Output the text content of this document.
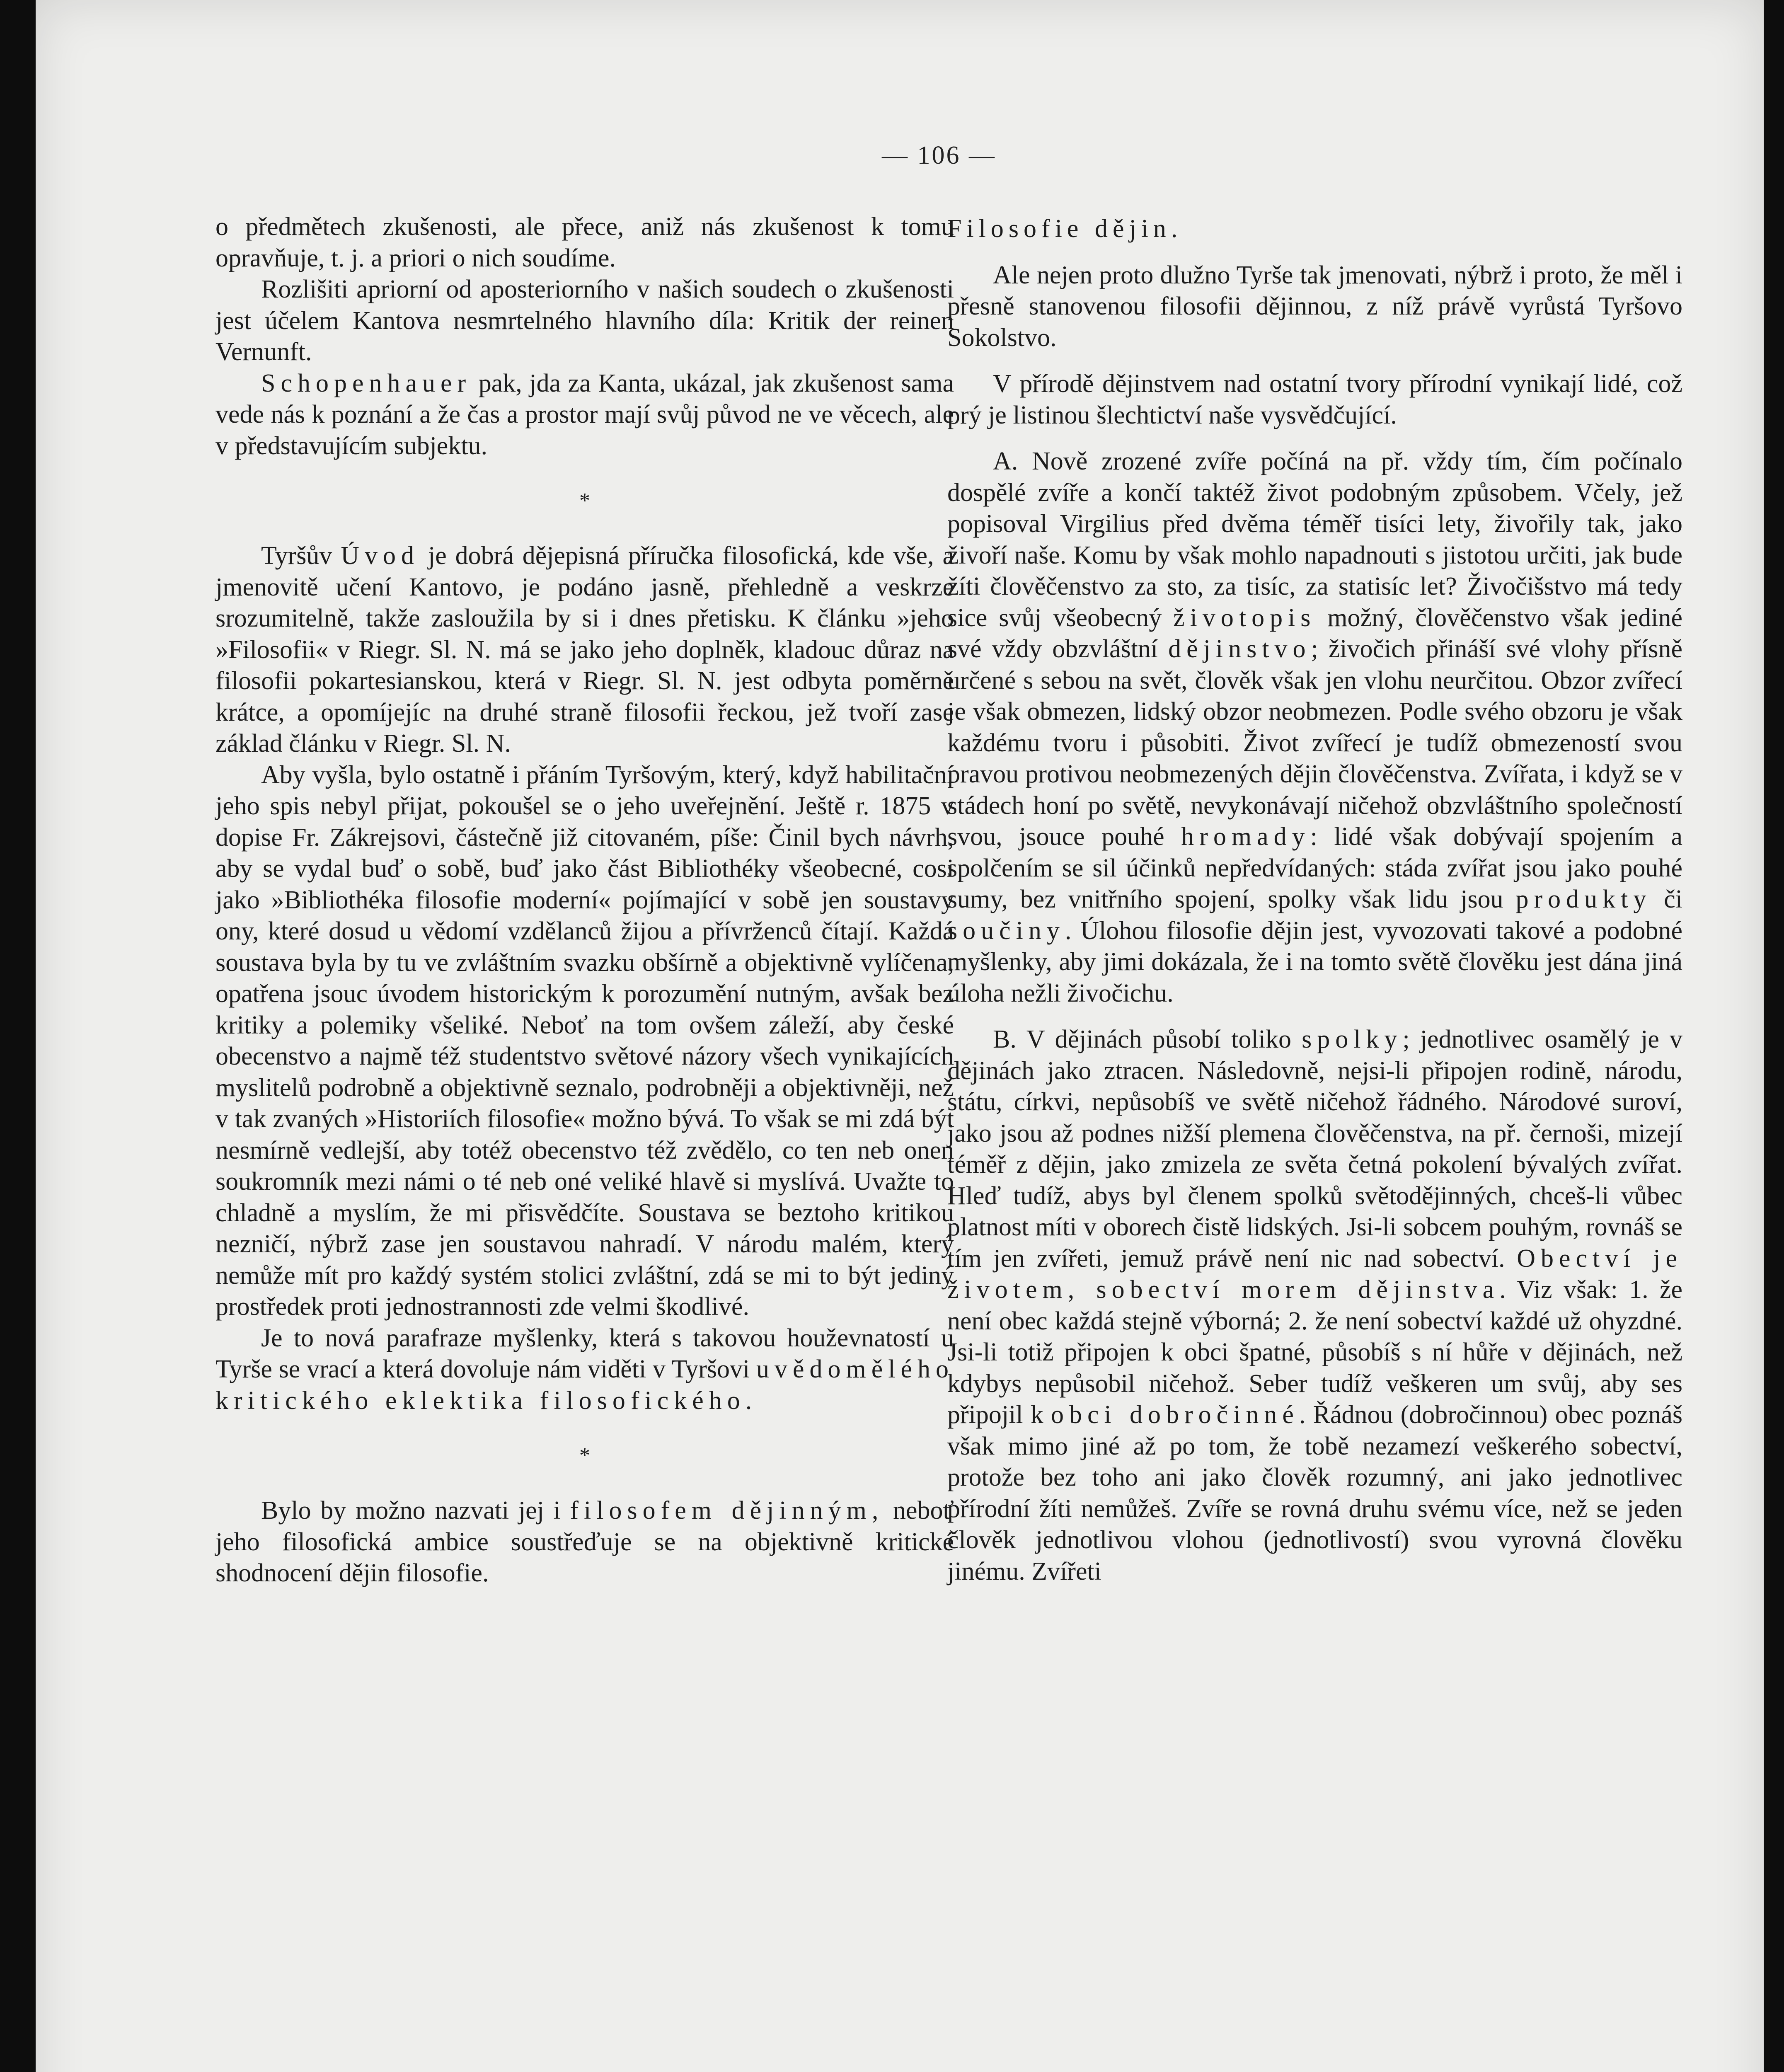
— 106 —

o předmětech zkušenosti, ale přece, aniž nás zkušenost k tomu opravňuje, t. j. a priori o nich soudíme.

Rozlišiti apriorní od aposteriorního v našich soudech o zkušenosti jest účelem Kantova nesmrtelného hlavního díla: Kritik der reinen Vernunft.

Schopenhauer pak, jda za Kanta, ukázal, jak zkušenost sama vede nás k poznání a že čas a prostor mají svůj původ ne ve věcech, ale v představujícím subjektu.

*

Tyršův Úvod je dobrá dějepisná příručka filosofická, kde vše, a jmenovitě učení Kantovo, je podáno jasně, přehledně a veskrze srozumitelně, takže zasloužila by si i dnes přetisku. K článku »jeho »Filosofii« v Riegr. Sl. N. má se jako jeho doplněk, kladouc důraz na filosofii pokartesianskou, která v Riegr. Sl. N. jest odbyta poměrně krátce, a opomíjejíc na druhé straně filosofii řeckou, jež tvoří zase základ článku v Riegr. Sl. N.

Aby vyšla, bylo ostatně i přáním Tyršovým, který, když habilitační jeho spis nebyl přijat, pokoušel se o jeho uveřejnění. Ještě r. 1875 v dopise Fr. Zákrejsovi, částečně již citovaném, píše: Činil bych návrh, aby se vydal buď o sobě, buď jako část Bibliothéky všeobecné, cosi jako »Bibliothéka filosofie moderní« pojímající v sobě jen soustavy ony, které dosud u vědomí vzdělanců žijou a přívrženců čítají. Každá soustava byla by tu ve zvláštním svazku obšírně a objektivně vylíčena, opatřena jsouc úvodem historickým k porozumění nutným, avšak bez kritiky a polemiky všeliké. Neboť na tom ovšem záleží, aby české obecenstvo a najmě též studentstvo světové názory všech vynikajících myslitelů podrobně a objektivně seznalo, podrobněji a objektivněji, než v tak zvaných »Historiích filosofie« možno bývá. To však se mi zdá být nesmírně vedlejší, aby totéž obecenstvo též zvědělo, co ten neb onen soukromník mezi námi o té neb oné veliké hlavě si myslívá. Uvažte to chladně a myslím, že mi přisvědčíte. Soustava se beztoho kritikou nezničí, nýbrž zase jen soustavou nahradí. V národu malém, který nemůže mít pro každý systém stolici zvláštní, zdá se mi to být jediný prostředek proti jednostrannosti zde velmi škodlivé.

Je to nová parafraze myšlenky, která s takovou houževnatostí u Tyrše se vrací a která dovoluje nám viděti v Tyršovi uvědomělého kritického eklektika filosofického.

*

Bylo by možno nazvati jej i filosofem dějinným, neboť jeho filosofická ambice soustřeďuje se na objektivně kritické shodnocení dějin filosofie.

Filosofie dějin.

Ale nejen proto dlužno Tyrše tak jmenovati, nýbrž i proto, že měl i přesně stanovenou filosofii dějinnou, z níž právě vyrůstá Tyršovo Sokolstvo.

V přírodě dějinstvem nad ostatní tvory přírodní vynikají lidé, což prý je listinou šlechtictví naše vysvědčující.

A. Nově zrozené zvíře počíná na př. vždy tím, čím počínalo dospělé zvíře a končí taktéž život podobným způsobem. Včely, jež popisoval Virgilius před dvěma téměř tisíci lety, živořily tak, jako živoří naše. Komu by však mohlo napadnouti s jistotou určiti, jak bude žíti člověčenstvo za sto, za tisíc, za statisíc let? Živočišstvo má tedy sice svůj všeobecný životopis možný, člověčenstvo však jediné své vždy obzvláštní dějinstvo; živočich přináší své vlohy přísně určené s sebou na svět, člověk však jen vlohu neurčitou. Obzor zvířecí je však obmezen, lidský obzor neobmezen. Podle svého obzoru je však každému tvoru i působiti. Život zvířecí je tudíž obmezeností svou pravou protivou neobmezených dějin člověčenstva. Zvířata, i když se v stádech honí po světě, nevykonávají ničehož obzvláštního společností svou, jsouce pouhé hromady: lidé však dobývají spojením a spolčením se sil účinků nepředvídaných: stáda zvířat jsou jako pouhé sumy, bez vnitřního spojení, spolky však lidu jsou produkty či součiny. Úlohou filosofie dějin jest, vyvozovati takové a podobné myšlenky, aby jimi dokázala, že i na tomto světě člověku jest dána jiná úloha nežli živočichu.

B. V dějinách působí toliko spolky; jednotlivec osamělý je v dějinách jako ztracen. Následovně, nejsi-li připojen rodině, národu, státu, církvi, nepůsobíš ve světě ničehož řádného. Národové suroví, jako jsou až podnes nižší plemena člověčenstva, na př. černoši, mizejí téměř z dějin, jako zmizela ze světa četná pokolení bývalých zvířat. Hleď tudíž, abys byl členem spolků světodějinných, chceš-li vůbec platnost míti v oborech čistě lidských. Jsi-li sobcem pouhým, rovnáš se tím jen zvířeti, jemuž právě není nic nad sobectví. Obectví je životem, sobectví morem dějinstva. Viz však: 1. že není obec každá stejně výborná; 2. že není sobectví každé už ohyzdné. Jsi-li totiž připojen k obci špatné, působíš s ní hůře v dějinách, než kdybys nepůsobil ničehož. Seber tudíž veškeren um svůj, aby ses připojil k obci dobročinné. Řádnou (dobročinnou) obec poznáš však mimo jiné až po tom, že tobě nezamezí veškerého sobectví, protože bez toho ani jako člověk rozumný, ani jako jednotlivec přírodní žíti nemůžeš. Zvíře se rovná druhu svému více, než se jeden člověk jednotlivou vlohou (jednotlivostí) svou vyrovná člověku jinému. Zvířeti
